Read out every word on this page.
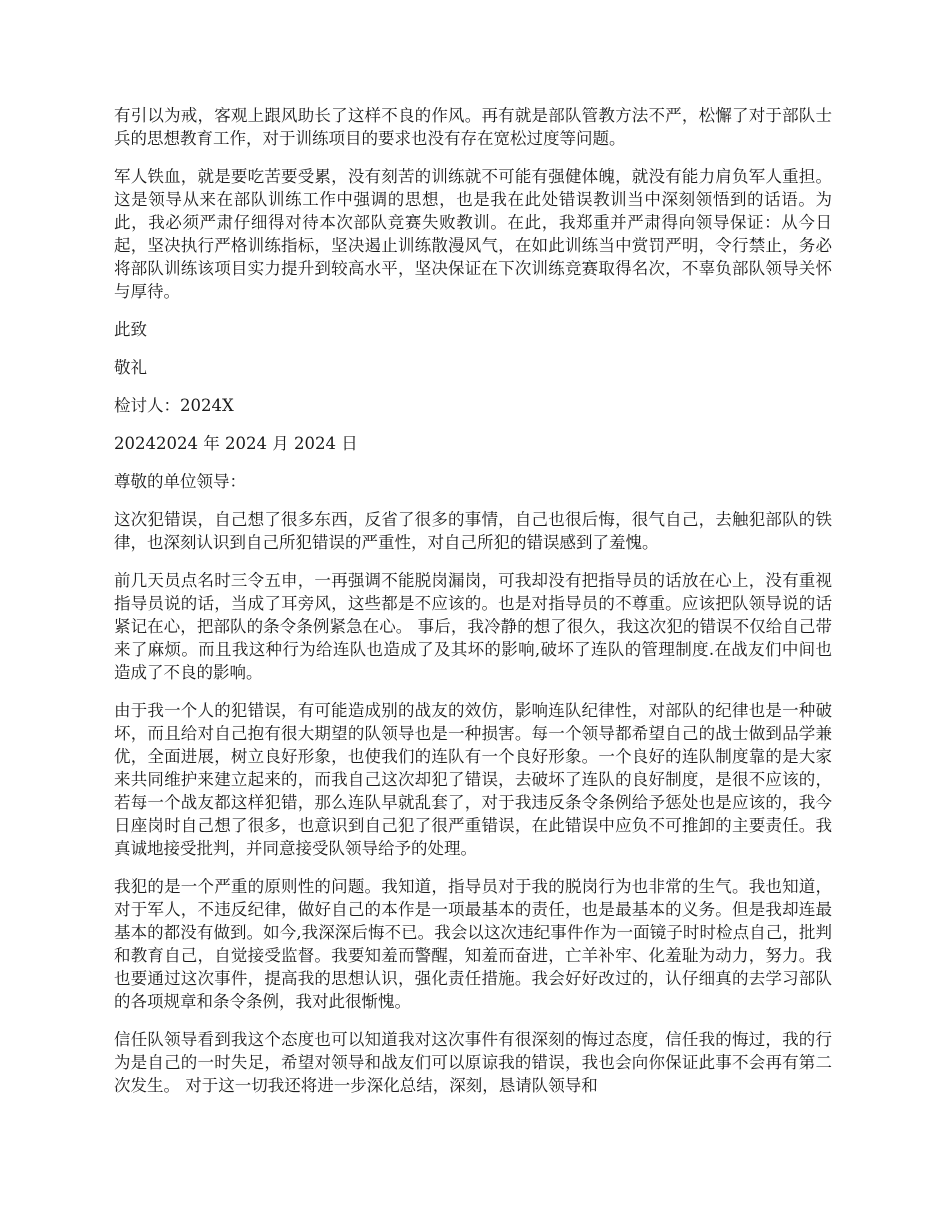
有引以为戒，客观上跟风助长了这样不良的作风。再有就是部队管教方法不严，松懈了对于部队士兵的思想教育工作，对于训练项目的要求也没有存在宽松过度等问题。

军人铁血，就是要吃苦要受累，没有刻苦的训练就不可能有强健体魄，就没有能力肩负军人重担。这是领导从来在部队训练工作中强调的思想，也是我在此处错误教训当中深刻领悟到的话语。为此，我必须严肃仔细得对待本次部队竞赛失败教训。在此，我郑重并严肃得向领导保证：从今日起，坚决执行严格训练指标，坚决遏止训练散漫风气，在如此训练当中赏罚严明，令行禁止，务必将部队训练该项目实力提升到较高水平，坚决保证在下次训练竞赛取得名次，不辜负部队领导关怀与厚待。

此致

敬礼

检讨人：2024X

20242024 年 2024 月 2024 日

尊敬的单位领导：

这次犯错误，自己想了很多东西，反省了很多的事情，自己也很后悔，很气自己，去触犯部队的铁律，也深刻认识到自己所犯错误的严重性，对自己所犯的错误感到了羞愧。

前几天员点名时三令五申，一再强调不能脱岗漏岗，可我却没有把指导员的话放在心上，没有重视指导员说的话，当成了耳旁风，这些都是不应该的。也是对指导员的不尊重。应该把队领导说的话紧记在心，把部队的条令条例紧急在心。 事后，我冷静的想了很久，我这次犯的错误不仅给自己带来了麻烦。而且我这种行为给连队也造成了及其坏的影响,破坏了连队的管理制度.在战友们中间也造成了不良的影响。

由于我一个人的犯错误，有可能造成别的战友的效仿，影响连队纪律性，对部队的纪律也是一种破坏，而且给对自己抱有很大期望的队领导也是一种损害。每一个领导都希望自己的战士做到品学兼优，全面进展，树立良好形象，也使我们的连队有一个良好形象。一个良好的连队制度靠的是大家来共同维护来建立起来的，而我自己这次却犯了错误，去破坏了连队的良好制度，是很不应该的，若每一个战友都这样犯错，那么连队早就乱套了，对于我违反条令条例给予惩处也是应该的，我今日座岗时自己想了很多，也意识到自己犯了很严重错误，在此错误中应负不可推卸的主要责任。我真诚地接受批判，并同意接受队领导给予的处理。

我犯的是一个严重的原则性的问题。我知道，指导员对于我的脱岗行为也非常的生气。我也知道，对于军人，不违反纪律，做好自己的本作是一项最基本的责任，也是最基本的义务。但是我却连最基本的都没有做到。如今,我深深后悔不已。我会以这次违纪事件作为一面镜子时时检点自己，批判和教育自己，自觉接受监督。我要知羞而警醒，知羞而奋进，亡羊补牢、化羞耻为动力，努力。我也要通过这次事件，提高我的思想认识，强化责任措施。我会好好改过的，认仔细真的去学习部队的各项规章和条令条例，我对此很惭愧。

信任队领导看到我这个态度也可以知道我对这次事件有很深刻的悔过态度，信任我的悔过，我的行为是自己的一时失足，希望对领导和战友们可以原谅我的错误，我也会向你保证此事不会再有第二次发生。 对于这一切我还将进一步深化总结，深刻，恳请队领导和
